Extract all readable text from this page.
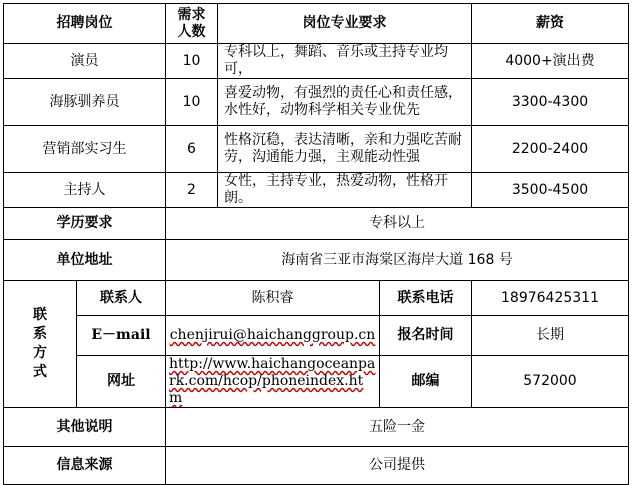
招聘岗位		需求人数	岗位专业要求		薪资
演员		10	专科以上，舞蹈、音乐或主持专业均可，		4000+演出费
海豚驯养员		10	喜爱动物，有强烈的责任心和责任感，水性好，动物科学相关专业优先		3300-4300
营销部实习生		6	性格沉稳，表达清晰，亲和力强吃苦耐劳，沟通能力强，主观能动性强		2200-2400
主持人		2	女性，主持专业，热爱动物，性格开朗。		3500-4500
学历要求		专科以上			
单位地址		海南省三亚市海棠区海岸大道 168 号			

联系方式	联系人	陈积睿		联系电话	18976425311
	E－mail	chenjirui@haichanggroup.cn		报名时间	长期
	网址	http://www.haichangoceanpark.com/hcop/phoneindex.htm		邮编	572000
其他说明		五险一金			
信息来源		公司提供			
